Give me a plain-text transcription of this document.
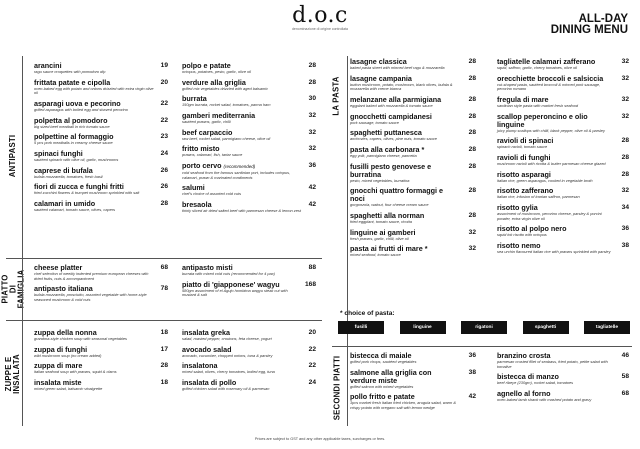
d.o.c
denominazione di origine controllata
ALL-DAY
DINING MENU
ANTIPASTI
PIATTO DI FAMIGLIA
ZUPPE E INSALATA
LA PASTA
SECONDI PIATTI
arancini	19
ragu sauce croquettes with pomodoro dip
frittata patate e cipolla	20
oven-baked egg with potato and onions drizzled with extra virgin olive oil
asparagi uova e pecorino	22
grilled asparagus with boiled egg and shaved pecorino
polpetta al pomodoro	22
big sized beef meatball in rich tomato sauce
polpettine al formaggio	23
5 pcs pork meatballs in creamy cheese sauce
spinaci funghi	24
sautéed spinach with olive oil, garlic, mushrooms
caprese di bufala	26
bufala mozzarella, tomatoes, fresh basil
fiori di zucca e funghi fritti	26
fried zucchini flowers & trumpet mushroom sprinkled with salt
calamari in umido	28
sautéed calamari, tomato sauce, olives, capers
polpo e patate	28
octopus, potatoes, pesto, garlic, olive oil
verdure alla griglia	28
grilled mix vegetables drizzled with aged balsamic
burrata	30
150gm burrata, rocket salad, tomatoes, parma ham
gamberi mediterrania	32
sautéed prawns, garlic, chilli
beef carpaccio	32
raw beef, rocket salad, parmigiano cheese, olive oil
fritto misto	32
prawns, calamari, fish, tartar sauce
porto cervo (recommended)	36
cold seafood from the famous sardinian port, includes octopus, calamari, prawn & marinated condiments
salumi	42
chef's choice of assorted cold cuts
bresaola	42
thinly sliced air dried salted beef with parmesan cheese & lemon zest
cheese platter	68
chef selection of weekly indented premium european cheeses with dried fruits, nuts & accompaniment
antipasto italiana	78
bufala mozzarella, prosciutto, assorted vegetable with home-style seasoned mushroom & cold cuts
antipasto misti	88
burrata with mixed cold cuts (recommended for 4 pax)
piatto di 'giapponese' wagyu	168
580gm assortment of el Agujo hombima wagyu steak cut with mustard & salt
zuppa della nonna	18
grandma-style chicken soup with seasonal vegetables
zuppa di funghi	17
wild mushroom soup (no cream added)
zuppa di mare	28
italian seafood soup with prawns, squid & clams
insalata miste	18
mixed green salad, balsamic vinaigrette
insalata greka	20
salad, roasted pepper, croutons, feta cheese, yogurt
avocado salad	22
avocado, cucumber, chopped onions, tuna & parsley
insalatona	22
mixed salad, olives, cherry tomatoes, boiled egg, tuna
insalata di pollo	24
grilled chicken salad with rosemary oil & parmesan
lasagne classica	28
baked pasta sheet with minced beef ragu & mozzarella
lasagne campania	28
button mushroom, potato, mushroom, black olives, bufala & mozzarella with creme bianca
melanzane alla parmigiana	28
eggplant baked with mozzarella & tomato sauce
gnocchetti campidanesi	28
pork sausage, tomato sauce
spaghetti puttanesca	28
anchovies, capers, olives, pine nuts, tomato sauce
pasta alla carbonara *	28
egg yolk, parmigiano cheese, pancetta
fusilli pesto genovese e burratina
28
pesto, mixed vegetables, burratina
gnocchi quattro formaggi e noci
28
gorgonzola, walnut, four cheese cream sauce
spaghetti alla norman	28
fried eggplant, tomato sauce, ricotta
linguine ai gamberi	32
fresh prawns, garlic, chilli, olive oil
pasta ai frutti di mare *	32
mixed seafood, tomato sauce
tagliatelle calamari zafferano	32
squid, saffron, garlic, cherry tomatoes, olive oil
orecchiette broccoli e salsiccia	32
cut-shaped pasta, sautéed broccoli & minced pork sausage, pecorino romano
fregula di mare	32
sardinian style pasta with market fresh seafood
scallop peperoncino e olio linguine
32
juicy plump scallops with chilli, black pepper, olive oil & parsley
ravioli di spinaci	28
spinach ravioli, tomato sauce
ravioli di funghi	28
mushroom ravioli with ricotta & butter parmesan cheese glazed
risotto asparagi	28
italian rice, green asparagus, cooked in vegetable broth
risotto zafferano	32
italian rice, infusion of iranian saffron, parmesan
risotto gylia	34
assortment of mushroom, pecorino cheese, parsley & porcini powder, extra virgin olive oil
risotto al polpo nero	36
squid ink risotto with octopus
risotto nemo	38
sea urchin flavoured italian rice with prawns sprinkled with parsley
bistecca di maiale	36
grilled pork chops, sautéed vegetables
salmone alla griglia con verdure miste
38
grilled salmon with mixed vegetables
pollo fritto e patate	42
3pcs market fresh italian fried chicken, arugula salad, warm & crispy potato with oregano salt with lemon wedge
branzino crosta	46
parmesan crusted fillet of seabass, fried potato, petite salad with tomalive
bistecca di manzo	58
beef ribeye (230gm), rocket salad, tomatoes
agnello al forno	68
oven-baked lamb shank with mashed potato and gravy
* choice of pasta:
fusilli	linguine	rigatoni	spaghetti	tagliatelle
Prices are subject to GST and any other applicable taxes, surcharges or fees.
